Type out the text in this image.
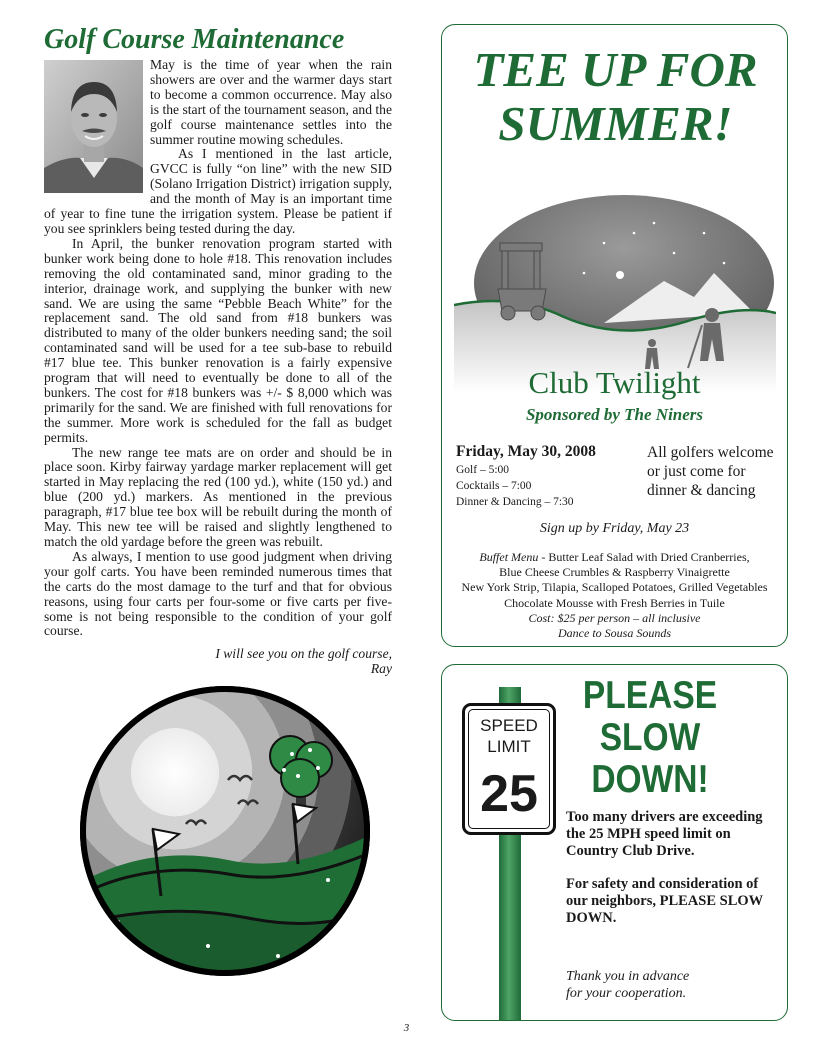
Golf Course Maintenance

May is the time of year when the rain showers are over and the warmer days start to become a common occurrence. May also is the start of the tournament season, and the golf course maintenance settles into the summer routine mowing schedules.

As I mentioned in the last article, GVCC is fully “on line” with the new SID (Solano Irrigation District) irrigation supply, and the month of May is an important time of year to fine tune the irrigation system. Please be patient if you see sprinklers being tested during the day.

In April, the bunker renovation program started with bunker work being done to hole #18. This renovation includes removing the old contaminated sand, minor grading to the interior, drainage work, and supplying the bunker with new sand. We are using the same “Pebble Beach White” for the replacement sand. The old sand from #18 bunkers was distributed to many of the older bunkers needing sand; the soil contaminated sand will be used for a tee sub-base to rebuild #17 blue tee. This bunker renovation is a fairly expensive program that will need to eventually be done to all of the bunkers. The cost for #18 bunkers was +/- $ 8,000 which was primarily for the sand. We are finished with full renovations for the summer. More work is scheduled for the fall as budget permits.

The new range tee mats are on order and should be in place soon. Kirby fairway yardage marker replacement will get started in May replacing the red (100 yd.), white (150 yd.) and blue (200 yd.) markers. As mentioned in the previous paragraph, #17 blue tee box will be rebuilt during the month of May. This new tee will be raised and slightly lengthened to match the old yardage before the green was rebuilt.

As always, I mention to use good judgment when driving your golf carts. You have been reminded numerous times that the carts do the most damage to the turf and that for obvious reasons, using four carts per four-some or five carts per five-some is not being responsible to the condition of your golf course.

I will see you on the golf course,
Ray
TEE UP FOR
SUMMER!
Club Twilight
Sponsored by The Niners
Friday, May 30, 2008
Golf – 5:00
Cocktails – 7:00
Dinner & Dancing – 7:30
All golfers welcome or just come for dinner & dancing
Sign up by Friday, May 23
Buffet Menu - Butter Leaf Salad with Dried Cranberries,
Blue Cheese Crumbles & Raspberry Vinaigrette
New York Strip, Tilapia, Scalloped Potatoes, Grilled Vegetables
Chocolate Mousse with Fresh Berries in Tuile
Cost: $25 per person – all inclusive
Dance to Sousa Sounds
SPEED
LIMIT
25
PLEASE
SLOW
DOWN!

Too many drivers are exceeding the 25 MPH speed limit on Country Club Drive.

For safety and consideration of our neighbors, PLEASE SLOW DOWN.

Thank you in advance
for your cooperation.
3
